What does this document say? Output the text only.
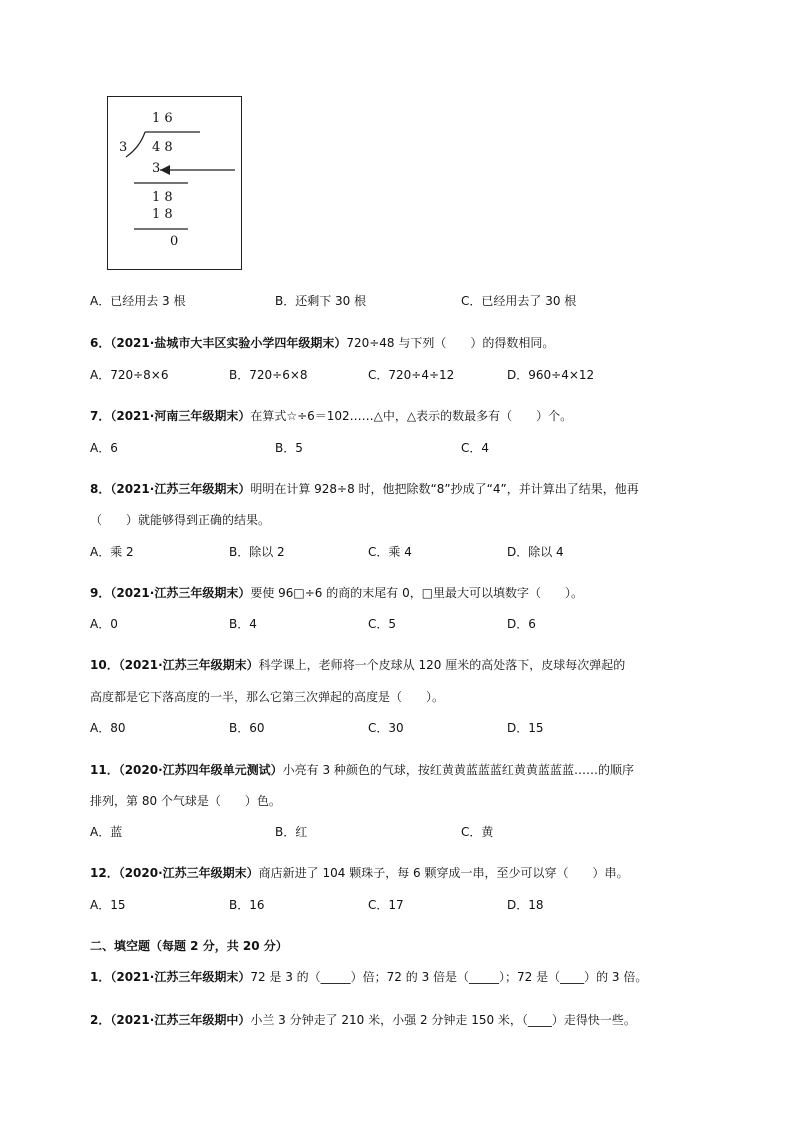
1 6
3 4 8
3
1 8
1 8
0
A．已经用去 3 根	B．还剩下 30 根	C．已经用去了 30 根
6．（2021·盐城市大丰区实验小学四年级期末）720÷48 与下列（　　）的得数相同。
A．720÷8×6	B．720÷6×8	C．720÷4÷12	D．960÷4×12
7．（2021·河南三年级期末）在算式☆÷6＝102……△中，△表示的数最多有（　　）个。
A．6	B．5	C．4
8．（2021·江苏三年级期末）明明在计算 928÷8 时，他把除数“8”抄成了“4”，并计算出了结果，他再
（　　）就能够得到正确的结果。
A．乘 2	B．除以 2	C．乘 4	D．除以 4
9．（2021·江苏三年级期末）要使 96□÷6 的商的末尾有 0，□里最大可以填数字（　　）。
A．0	B．4	C．5	D．6
10．（2021·江苏三年级期末）科学课上，老师将一个皮球从 120 厘米的高处落下，皮球每次弹起的
高度都是它下落高度的一半，那么它第三次弹起的高度是（　　）。
A．80	B．60	C．30	D．15
11．（2020·江苏四年级单元测试）小亮有 3 种颜色的气球，按红黄黄蓝蓝蓝红黄黄蓝蓝蓝……的顺序
排列，第 80 个气球是（　　）色。
A．蓝	B．红	C．黄
12．（2020·江苏三年级期末）商店新进了 104 颗珠子，每 6 颗穿成一串，至少可以穿（　　）串。
A．15	B．16	C．17	D．18
二、填空题（每题 2 分，共 20 分）
1．（2021·江苏三年级期末）72 是 3 的（_____）倍；72 的 3 倍是（_____）；72 是（____）的 3 倍。
2．（2021·江苏三年级期中）小兰 3 分钟走了 210 米，小强 2 分钟走 150 米，（____）走得快一些。
